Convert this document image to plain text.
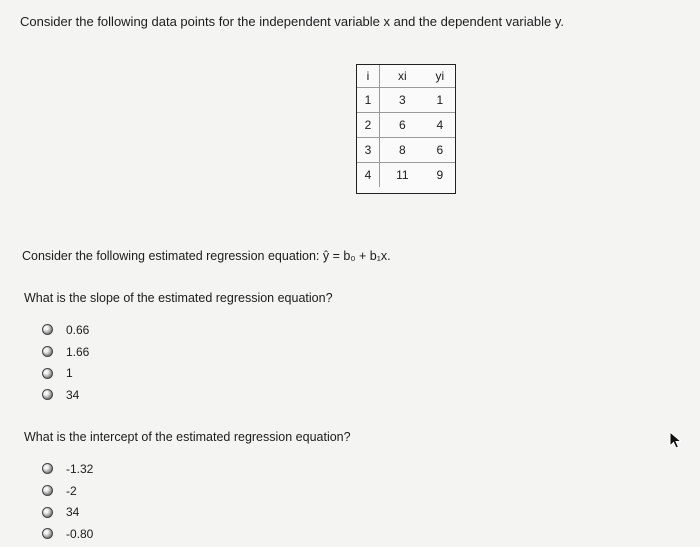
Consider the following data points for the independent variable x and the dependent variable y.
i	xi	yi
1	3	1
2	6	4
3	8	6
4	11	9
Consider the following estimated regression equation: ŷ = b₀ + b₁x.
What is the slope of the estimated regression equation?
0.66
1.66
1
34
What is the intercept of the estimated regression equation?
-1.32
-2
34
-0.80
